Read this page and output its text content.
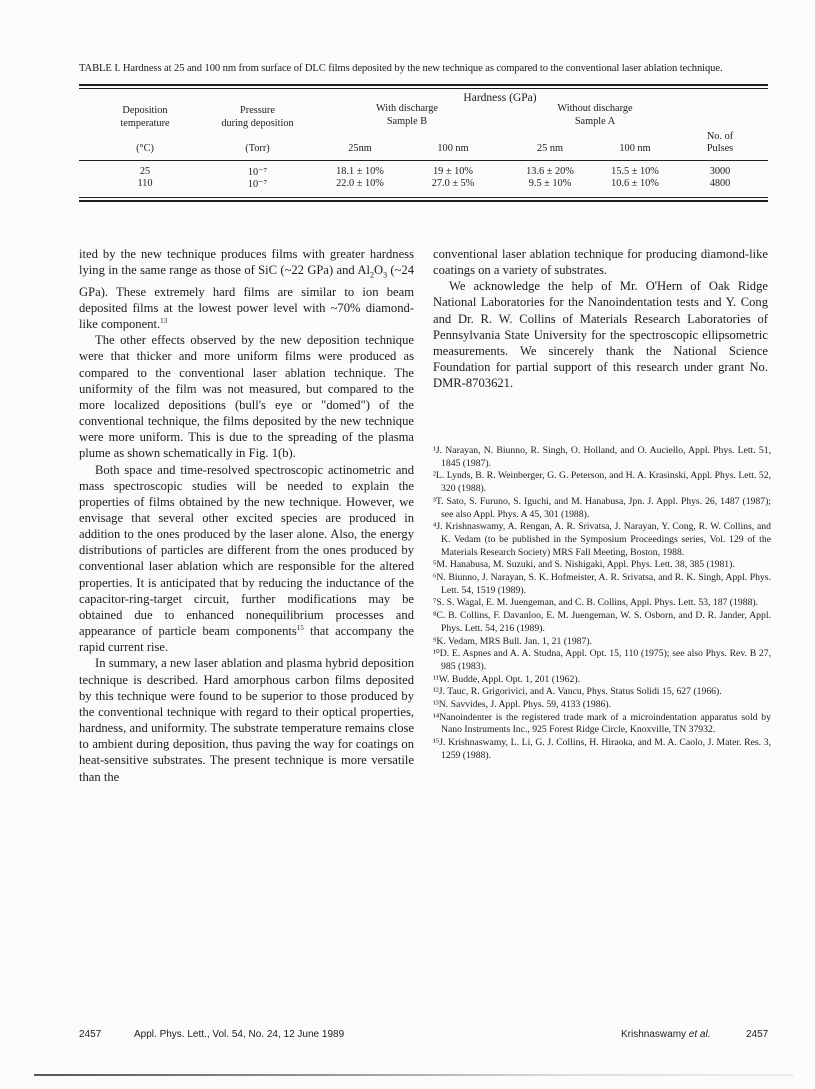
TABLE I. Hardness at 25 and 100 nm from surface of DLC films deposited by the new technique as compared to the conventional laser ablation technique.
Hardness (GPa)
With discharge
Sample B
Without discharge
Sample A
Deposition
temperature
(°C)
Pressure
during deposition
(Torr)
No. of
Pulses
25nm	100 nm	25 nm	100 nm
25	10⁻⁷	18.1 ± 10%	19 ± 10%	13.6 ± 20%	15.5 ± 10%	3000
110	10⁻⁷	22.0 ± 10%	27.0 ± 5%	9.5 ± 10%	10.6 ± 10%	4800

ited by the new technique produces films with greater hardness lying in the same range as those of SiC (~22 GPa) and $Al_2O_3$ (~24 GPa). These extremely hard films are similar to ion beam deposited films at the lowest power level with ~70% diamond-like component.$^{13}$

The other effects observed by the new deposition technique were that thicker and more uniform films were produced as compared to the conventional laser ablation technique. The uniformity of the film was not measured, but compared to the more localized depositions (bull's eye or "domed") of the conventional technique, the films deposited by the new technique were more uniform. This is due to the spreading of the plasma plume as shown schematically in Fig. 1(b).

Both space and time-resolved spectroscopic actinometric and mass spectroscopic studies will be needed to explain the properties of films obtained by the new technique. However, we envisage that several other excited species are produced in addition to the ones produced by the laser alone. Also, the energy distributions of particles are different from the ones produced by conventional laser ablation which are responsible for the altered properties. It is anticipated that by reducing the inductance of the capacitor-ring-target circuit, further modifications may be obtained due to enhanced nonequilibrium processes and appearance of particle beam components$^{15}$ that accompany the rapid current rise.

In summary, a new laser ablation and plasma hybrid deposition technique is described. Hard amorphous carbon films deposited by this technique were found to be superior to those produced by the conventional technique with regard to their optical properties, hardness, and uniformity. The substrate temperature remains close to ambient during deposition, thus paving the way for coatings on heat-sensitive substrates. The present technique is more versatile than the

conventional laser ablation technique for producing diamond-like coatings on a variety of substrates.

We acknowledge the help of Mr. O'Hern of Oak Ridge National Laboratories for the Nanoindentation tests and Y. Cong and Dr. R. W. Collins of Materials Research Laboratories of Pennsylvania State University for the spectroscopic ellipsometric measurements. We sincerely thank the National Science Foundation for partial support of this research under grant No. DMR-8703621.

¹J. Narayan, N. Biunno, R. Singh, O. Holland, and O. Auciello, Appl. Phys. Lett. 51, 1845 (1987).

²L. Lynds, B. R. Weinberger, G. G. Peterson, and H. A. Krasinski, Appl. Phys. Lett. 52, 320 (1988).

³T. Sato, S. Furuno, S. Iguchi, and M. Hanabusa, Jpn. J. Appl. Phys. 26, 1487 (1987); see also Appl. Phys. A 45, 301 (1988).

⁴J. Krishnaswamy, A. Rengan, A. R. Srivatsa, J. Narayan, Y. Cong, R. W. Collins, and K. Vedam (to be published in the Symposium Proceedings series, Vol. 129 of the Materials Research Society) MRS Fall Meeting, Boston, 1988.

⁵M. Hanabusa, M. Suzuki, and S. Nishigaki, Appl. Phys. Lett. 38, 385 (1981).

⁶N. Biunno, J. Narayan, S. K. Hofmeister, A. R. Srivatsa, and R. K. Singh, Appl. Phys. Lett. 54, 1519 (1989).

⁷S. S. Wagal, E. M. Juengeman, and C. B. Collins, Appl. Phys. Lett. 53, 187 (1988).

⁸C. B. Collins, F. Davanloo, E. M. Juengeman, W. S. Osborn, and D. R. Jander, Appl. Phys. Lett. 54, 216 (1989).

⁹K. Vedam, MRS Bull. Jan. 1, 21 (1987).

¹⁰D. E. Aspnes and A. A. Studna, Appl. Opt. 15, 110 (1975); see also Phys. Rev. B 27, 985 (1983).

¹¹W. Budde, Appl. Opt. 1, 201 (1962).

¹²J. Tauc, R. Grigorivici, and A. Vancu, Phys. Status Solidi 15, 627 (1966).

¹³N. Savvides, J. Appl. Phys. 59, 4133 (1986).

¹⁴Nanoindenter is the registered trade mark of a microindentation apparatus sold by Nano Instruments Inc., 925 Forest Ridge Circle, Knoxville, TN 37932.

¹⁵J. Krishnaswamy, L. Li, G. J. Collins, H. Hiraoka, and M. A. Caolo, J. Mater. Res. 3, 1259 (1988).

2457	Appl. Phys. Lett., Vol. 54, No. 24, 12 June 1989	Krishnaswamy et al.	2457
